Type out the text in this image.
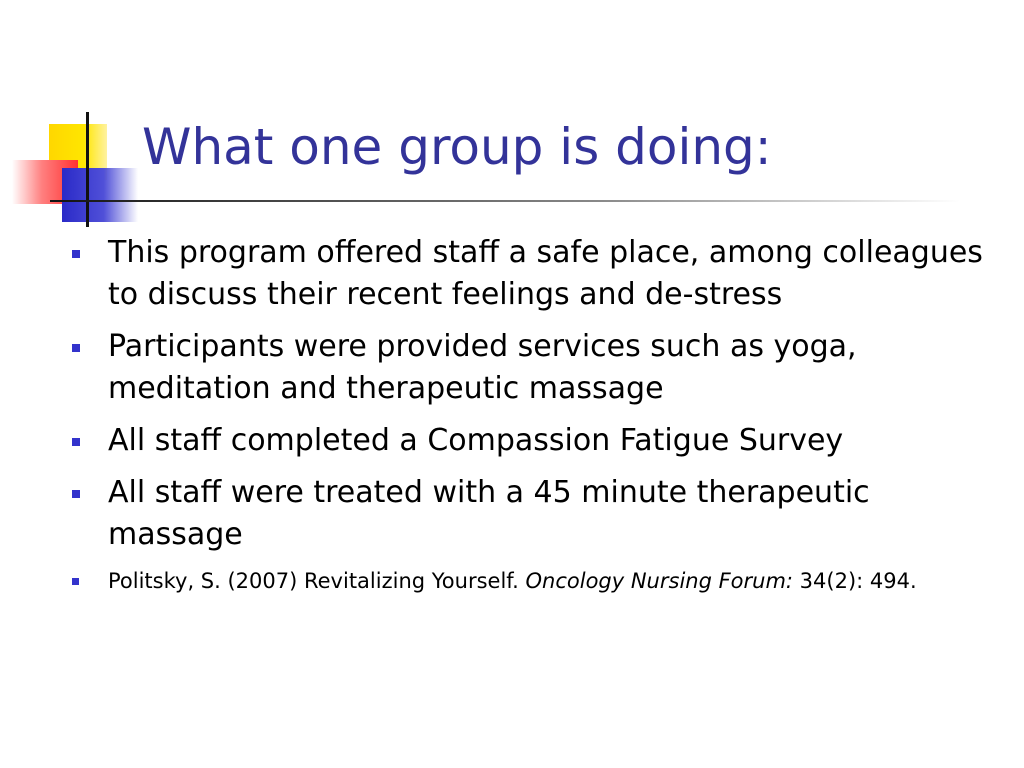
What one group is doing:
This program offered staff a safe place, among colleagues to discuss their recent feelings and de-stress
Participants were provided services such as yoga, meditation and therapeutic massage
All staff completed a Compassion Fatigue Survey
All staff were treated with a 45 minute therapeutic massage
Politsky, S. (2007) Revitalizing Yourself. Oncology Nursing Forum: 34(2): 494.
